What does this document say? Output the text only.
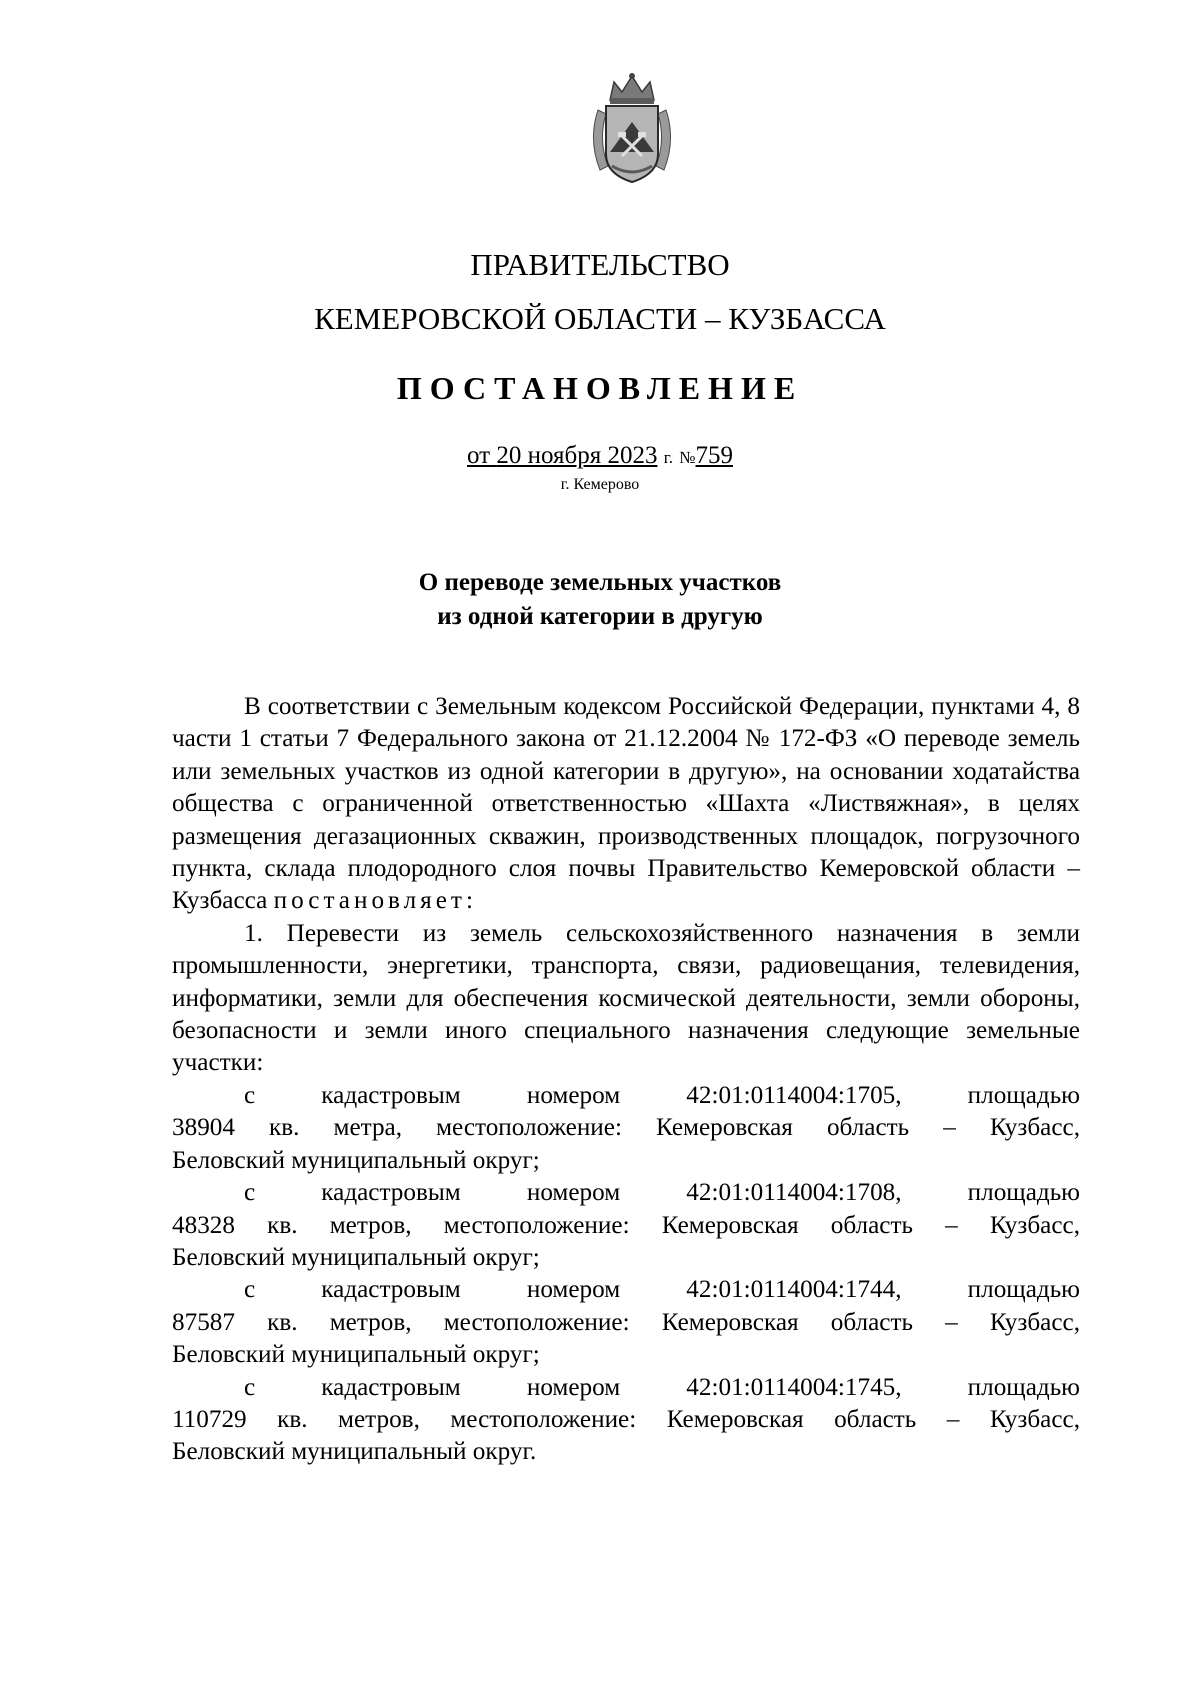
ПРАВИТЕЛЬСТВО
КЕМЕРОВСКОЙ ОБЛАСТИ – КУЗБАССА
ПОСТАНОВЛЕНИЕ
от 20 ноября 2023 г. №759
г. Кемерово
О переводе земельных участков
из одной категории в другую

В соответствии с Земельным кодексом Российской Федерации, пунктами 4, 8 части 1 статьи 7 Федерального закона от 21.12.2004 № 172-ФЗ «О переводе земель или земельных участков из одной категории в другую», на основании ходатайства общества с ограниченной ответственностью «Шахта «Листвяжная», в целях размещения дегазационных скважин, производственных площадок, погрузочного пункта, склада плодородного слоя почвы Правительство Кемеровской области – Кузбасса постановляет:

1. Перевести из земель сельскохозяйственного назначения в земли промышленности, энергетики, транспорта, связи, радиовещания, телевидения, информатики, земли для обеспечения космической деятельности, земли обороны, безопасности и земли иного специального назначения следующие земельные участки:

с	кадастровым	номером	42:01:0114004:1705,	площадью
38904 кв. метра, местоположение: Кемеровская область – Кузбасс,
Беловский муниципальный округ;
с	кадастровым	номером	42:01:0114004:1708,	площадью
48328 кв. метров, местоположение: Кемеровская область – Кузбасс,
Беловский муниципальный округ;
с	кадастровым	номером	42:01:0114004:1744,	площадью
87587 кв. метров, местоположение: Кемеровская область – Кузбасс,
Беловский муниципальный округ;
с	кадастровым	номером	42:01:0114004:1745,	площадью
110729 кв. метров, местоположение: Кемеровская область – Кузбасс,
Беловский муниципальный округ.
